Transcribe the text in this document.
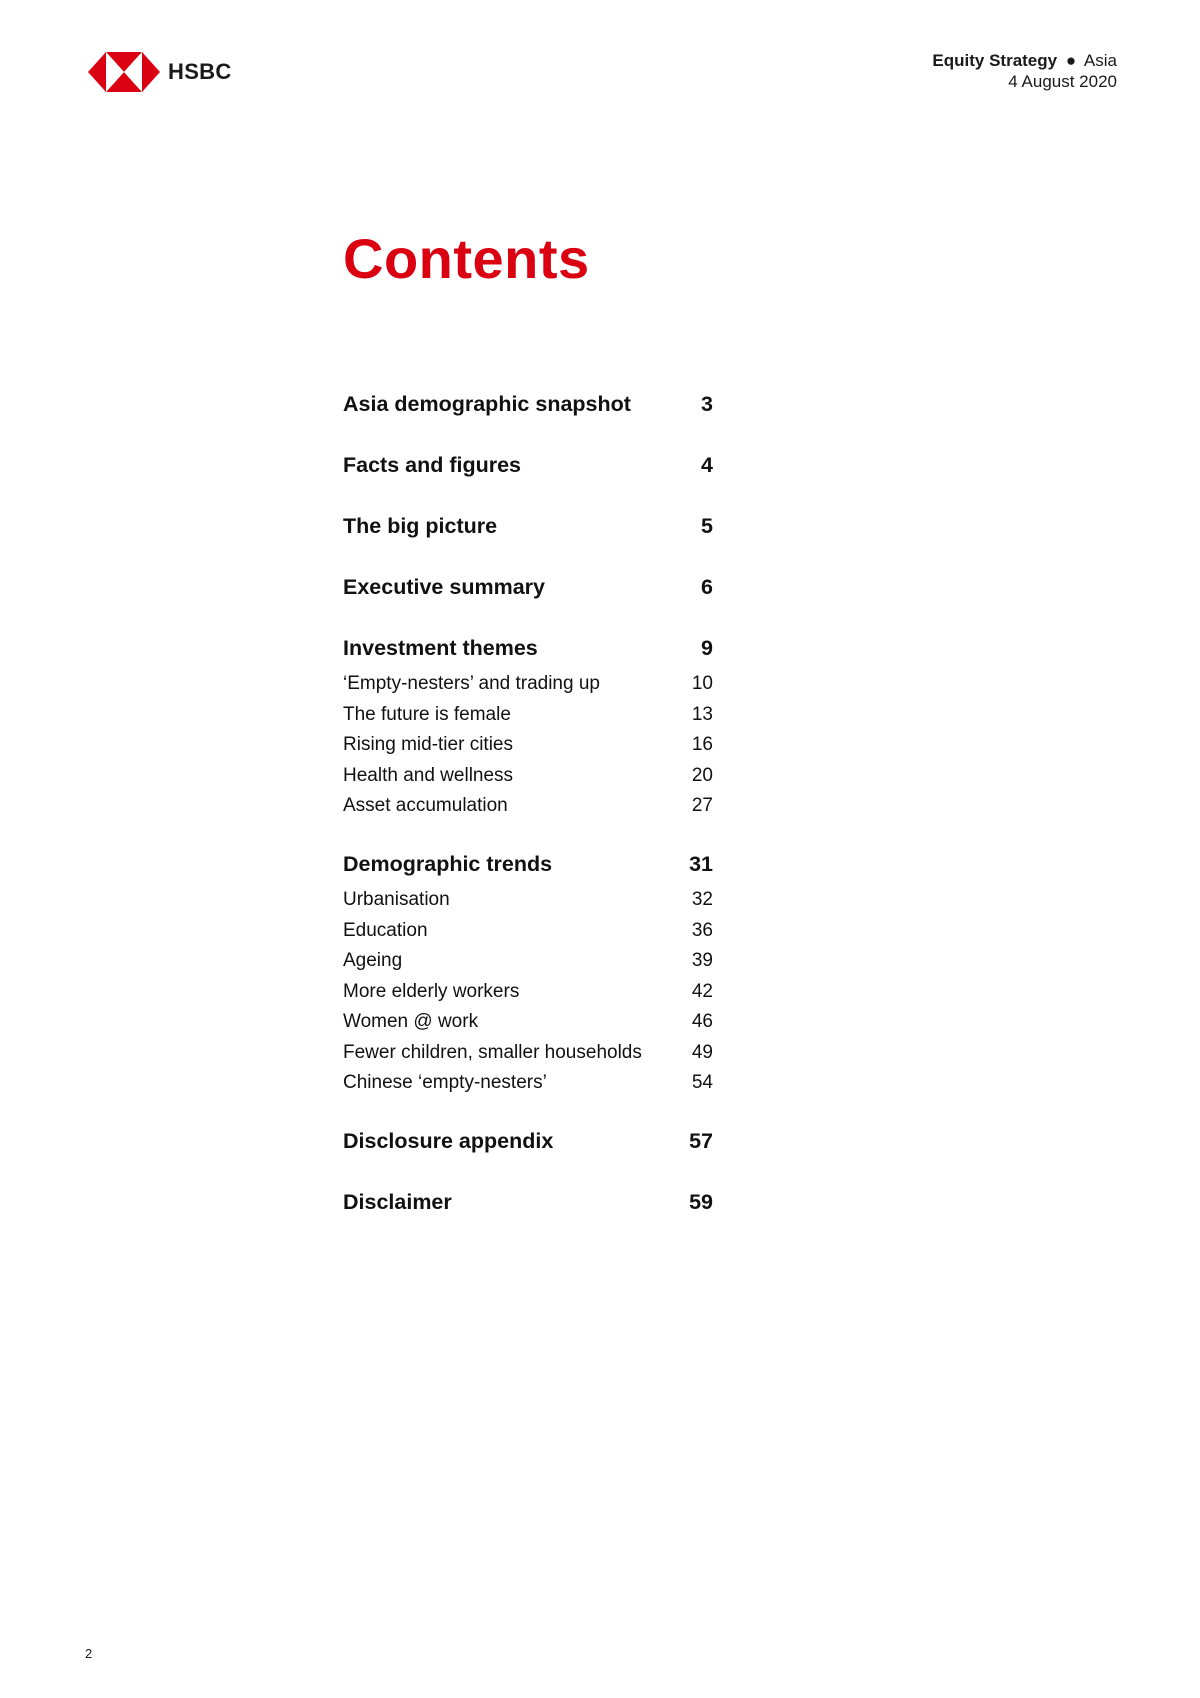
HSBC	Equity Strategy ● Asia
4 August 2020
Contents
Asia demographic snapshot	3
Facts and figures	4
The big picture	5
Executive summary	6
Investment themes	9
‘Empty-nesters’ and trading up	10
The future is female	13
Rising mid-tier cities	16
Health and wellness	20
Asset accumulation	27
Demographic trends	31
Urbanisation	32
Education	36
Ageing	39
More elderly workers	42
Women @ work	46
Fewer children, smaller households	49
Chinese ‘empty-nesters’	54
Disclosure appendix	57
Disclaimer	59
2
